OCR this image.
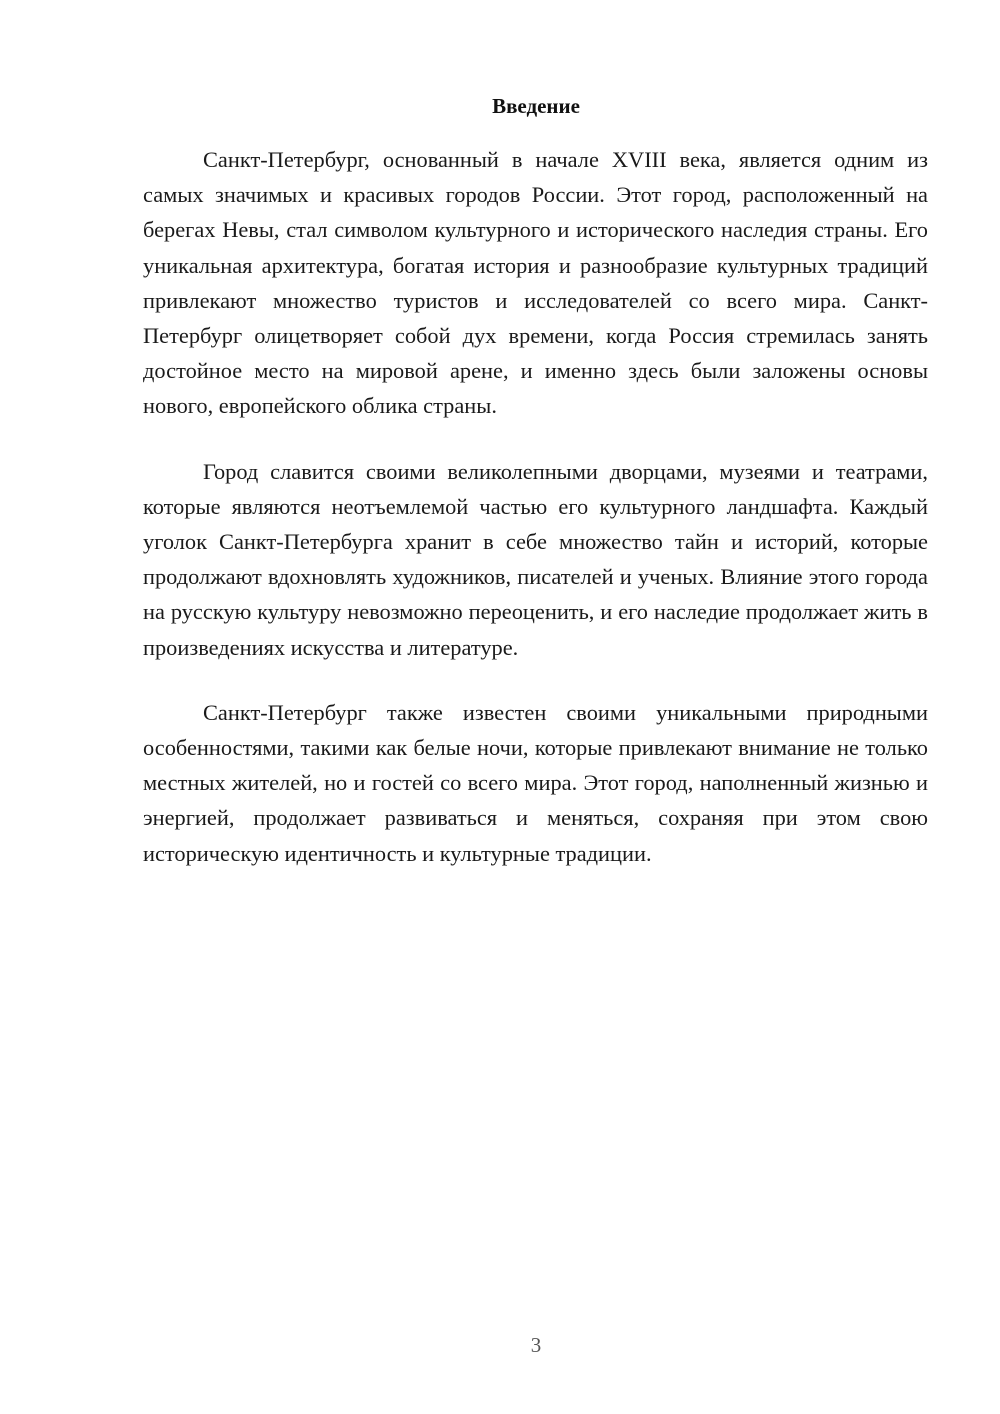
Введение

Санкт-Петербург, основанный в начале XVIII века, является одним из самых значимых и красивых городов России. Этот город, расположенный на берегах Невы, стал символом культурного и исторического наследия страны. Его уникальная архитектура, богатая история и разнообразие культурных традиций привлекают множество туристов и исследователей со всего мира. Санкт-Петербург олицетворяет собой дух времени, когда Россия стремилась занять достойное место на мировой арене, и именно здесь были заложены основы нового, европейского облика страны.

Город славится своими великолепными дворцами, музеями и театрами, которые являются неотъемлемой частью его культурного ландшафта. Каждый уголок Санкт-Петербурга хранит в себе множество тайн и историй, которые продолжают вдохновлять художников, писателей и ученых. Влияние этого города на русскую культуру невозможно переоценить, и его наследие продолжает жить в произведениях искусства и литературе.

Санкт-Петербург также известен своими уникальными природными особенностями, такими как белые ночи, которые привлекают внимание не только местных жителей, но и гостей со всего мира. Этот город, наполненный жизнью и энергией, продолжает развиваться и меняться, сохраняя при этом свою историческую идентичность и культурные традиции.

3
